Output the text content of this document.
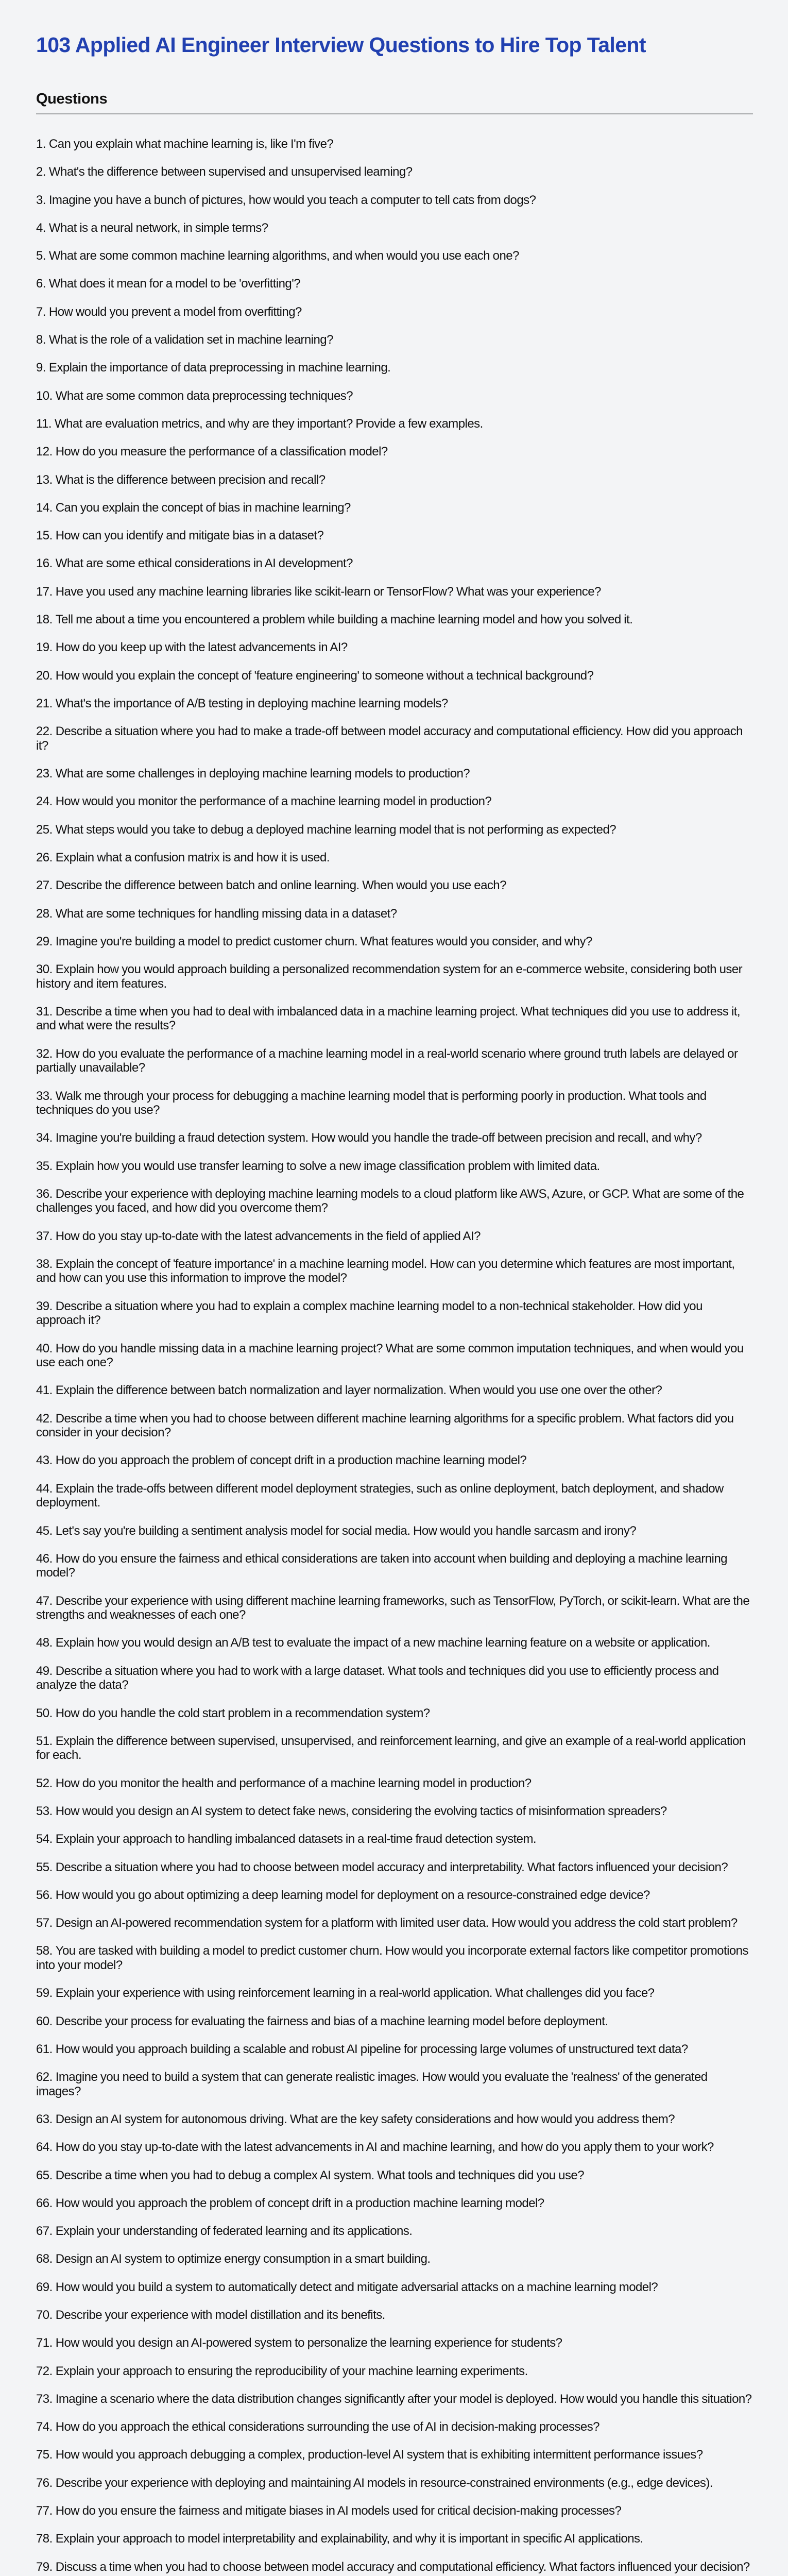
103 Applied AI Engineer Interview Questions to Hire Top Talent
Questions
1. Can you explain what machine learning is, like I'm five?
2. What's the difference between supervised and unsupervised learning?
3. Imagine you have a bunch of pictures, how would you teach a computer to tell cats from dogs?
4. What is a neural network, in simple terms?
5. What are some common machine learning algorithms, and when would you use each one?
6. What does it mean for a model to be 'overfitting'?
7. How would you prevent a model from overfitting?
8. What is the role of a validation set in machine learning?
9. Explain the importance of data preprocessing in machine learning.
10. What are some common data preprocessing techniques?
11. What are evaluation metrics, and why are they important? Provide a few examples.
12. How do you measure the performance of a classification model?
13. What is the difference between precision and recall?
14. Can you explain the concept of bias in machine learning?
15. How can you identify and mitigate bias in a dataset?
16. What are some ethical considerations in AI development?
17. Have you used any machine learning libraries like scikit-learn or TensorFlow? What was your experience?
18. Tell me about a time you encountered a problem while building a machine learning model and how you solved it.
19. How do you keep up with the latest advancements in AI?
20. How would you explain the concept of 'feature engineering' to someone without a technical background?
21. What's the importance of A/B testing in deploying machine learning models?
22. Describe a situation where you had to make a trade-off between model accuracy and computational efficiency. How did you approach it?
23. What are some challenges in deploying machine learning models to production?
24. How would you monitor the performance of a machine learning model in production?
25. What steps would you take to debug a deployed machine learning model that is not performing as expected?
26. Explain what a confusion matrix is and how it is used.
27. Describe the difference between batch and online learning. When would you use each?
28. What are some techniques for handling missing data in a dataset?
29. Imagine you're building a model to predict customer churn. What features would you consider, and why?
30. Explain how you would approach building a personalized recommendation system for an e-commerce website, considering both user history and item features.
31. Describe a time when you had to deal with imbalanced data in a machine learning project. What techniques did you use to address it, and what were the results?
32. How do you evaluate the performance of a machine learning model in a real-world scenario where ground truth labels are delayed or partially unavailable?
33. Walk me through your process for debugging a machine learning model that is performing poorly in production. What tools and techniques do you use?
34. Imagine you're building a fraud detection system. How would you handle the trade-off between precision and recall, and why?
35. Explain how you would use transfer learning to solve a new image classification problem with limited data.
36. Describe your experience with deploying machine learning models to a cloud platform like AWS, Azure, or GCP. What are some of the challenges you faced, and how did you overcome them?
37. How do you stay up-to-date with the latest advancements in the field of applied AI?
38. Explain the concept of 'feature importance' in a machine learning model. How can you determine which features are most important, and how can you use this information to improve the model?
39. Describe a situation where you had to explain a complex machine learning model to a non-technical stakeholder. How did you approach it?
40. How do you handle missing data in a machine learning project? What are some common imputation techniques, and when would you use each one?
41. Explain the difference between batch normalization and layer normalization. When would you use one over the other?
42. Describe a time when you had to choose between different machine learning algorithms for a specific problem. What factors did you consider in your decision?
43. How do you approach the problem of concept drift in a production machine learning model?
44. Explain the trade-offs between different model deployment strategies, such as online deployment, batch deployment, and shadow deployment.
45. Let's say you're building a sentiment analysis model for social media. How would you handle sarcasm and irony?
46. How do you ensure the fairness and ethical considerations are taken into account when building and deploying a machine learning model?
47. Describe your experience with using different machine learning frameworks, such as TensorFlow, PyTorch, or scikit-learn. What are the strengths and weaknesses of each one?
48. Explain how you would design an A/B test to evaluate the impact of a new machine learning feature on a website or application.
49. Describe a situation where you had to work with a large dataset. What tools and techniques did you use to efficiently process and analyze the data?
50. How do you handle the cold start problem in a recommendation system?
51. Explain the difference between supervised, unsupervised, and reinforcement learning, and give an example of a real-world application for each.
52. How do you monitor the health and performance of a machine learning model in production?
53. How would you design an AI system to detect fake news, considering the evolving tactics of misinformation spreaders?
54. Explain your approach to handling imbalanced datasets in a real-time fraud detection system.
55. Describe a situation where you had to choose between model accuracy and interpretability. What factors influenced your decision?
56. How would you go about optimizing a deep learning model for deployment on a resource-constrained edge device?
57. Design an AI-powered recommendation system for a platform with limited user data. How would you address the cold start problem?
58. You are tasked with building a model to predict customer churn. How would you incorporate external factors like competitor promotions into your model?
59. Explain your experience with using reinforcement learning in a real-world application. What challenges did you face?
60. Describe your process for evaluating the fairness and bias of a machine learning model before deployment.
61. How would you approach building a scalable and robust AI pipeline for processing large volumes of unstructured text data?
62. Imagine you need to build a system that can generate realistic images. How would you evaluate the 'realness' of the generated images?
63. Design an AI system for autonomous driving. What are the key safety considerations and how would you address them?
64. How do you stay up-to-date with the latest advancements in AI and machine learning, and how do you apply them to your work?
65. Describe a time when you had to debug a complex AI system. What tools and techniques did you use?
66. How would you approach the problem of concept drift in a production machine learning model?
67. Explain your understanding of federated learning and its applications.
68. Design an AI system to optimize energy consumption in a smart building.
69. How would you build a system to automatically detect and mitigate adversarial attacks on a machine learning model?
70. Describe your experience with model distillation and its benefits.
71. How would you design an AI-powered system to personalize the learning experience for students?
72. Explain your approach to ensuring the reproducibility of your machine learning experiments.
73. Imagine a scenario where the data distribution changes significantly after your model is deployed. How would you handle this situation?
74. How do you approach the ethical considerations surrounding the use of AI in decision-making processes?
75. How would you approach debugging a complex, production-level AI system that is exhibiting intermittent performance issues?
76. Describe your experience with deploying and maintaining AI models in resource-constrained environments (e.g., edge devices).
77. How do you ensure the fairness and mitigate biases in AI models used for critical decision-making processes?
78. Explain your approach to model interpretability and explainability, and why it is important in specific AI applications.
79. Discuss a time when you had to choose between model accuracy and computational efficiency. What factors influenced your decision?
